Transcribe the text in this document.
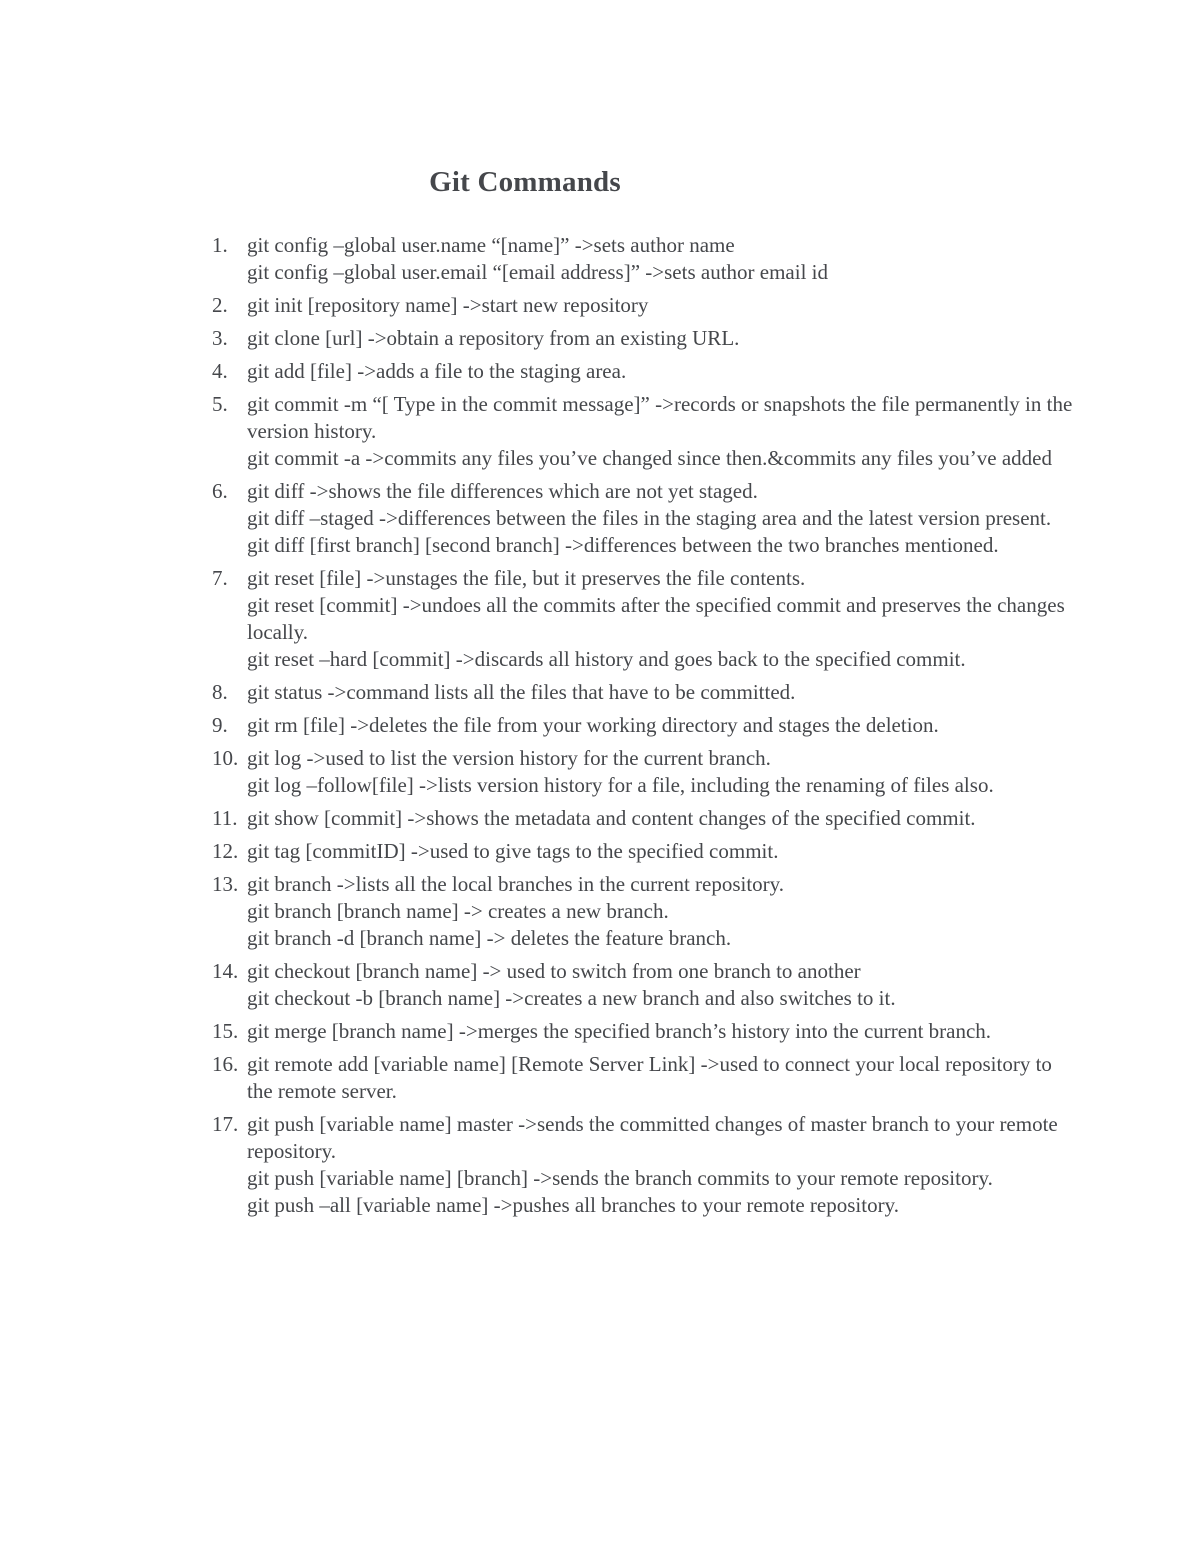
Git Commands
1. git config –global user.name “[name]” ->sets author name
git config –global user.email “[email address]” ->sets author email id
2. git init [repository name] ->start new repository
3. git clone [url] ->obtain a repository from an existing URL.
4. git add [file] ->adds a file to the staging area.
5. git commit -m “[ Type in the commit message]” ->records or snapshots the file permanently in the version history.
git commit -a ->commits any files you’ve changed since then.&commits any files you’ve added
6. git diff ->shows the file differences which are not yet staged.
git diff –staged ->differences between the files in the staging area and the latest version present.
git diff [first branch] [second branch] ->differences between the two branches mentioned.
7. git reset [file] ->unstages the file, but it preserves the file contents.
git reset [commit] ->undoes all the commits after the specified commit and preserves the changes locally.
git reset –hard [commit] ->discards all history and goes back to the specified commit.
8. git status ->command lists all the files that have to be committed.
9. git rm [file] ->deletes the file from your working directory and stages the deletion.
10. git log ->used to list the version history for the current branch.
git log –follow[file] ->lists version history for a file, including the renaming of files also.
11. git show [commit] ->shows the metadata and content changes of the specified commit.
12. git tag [commitID] ->used to give tags to the specified commit.
13. git branch ->lists all the local branches in the current repository.
git branch [branch name] -> creates a new branch.
git branch -d [branch name] -> deletes the feature branch.
14. git checkout [branch name] -> used to switch from one branch to another
git checkout -b [branch name] ->creates a new branch and also switches to it.
15. git merge [branch name] ->merges the specified branch’s history into the current branch.
16. git remote add [variable name] [Remote Server Link] ->used to connect your local repository to the remote server.
17. git push [variable name] master ->sends the committed changes of master branch to your remote repository.
git push [variable name] [branch] ->sends the branch commits to your remote repository.
git push –all [variable name] ->pushes all branches to your remote repository.
